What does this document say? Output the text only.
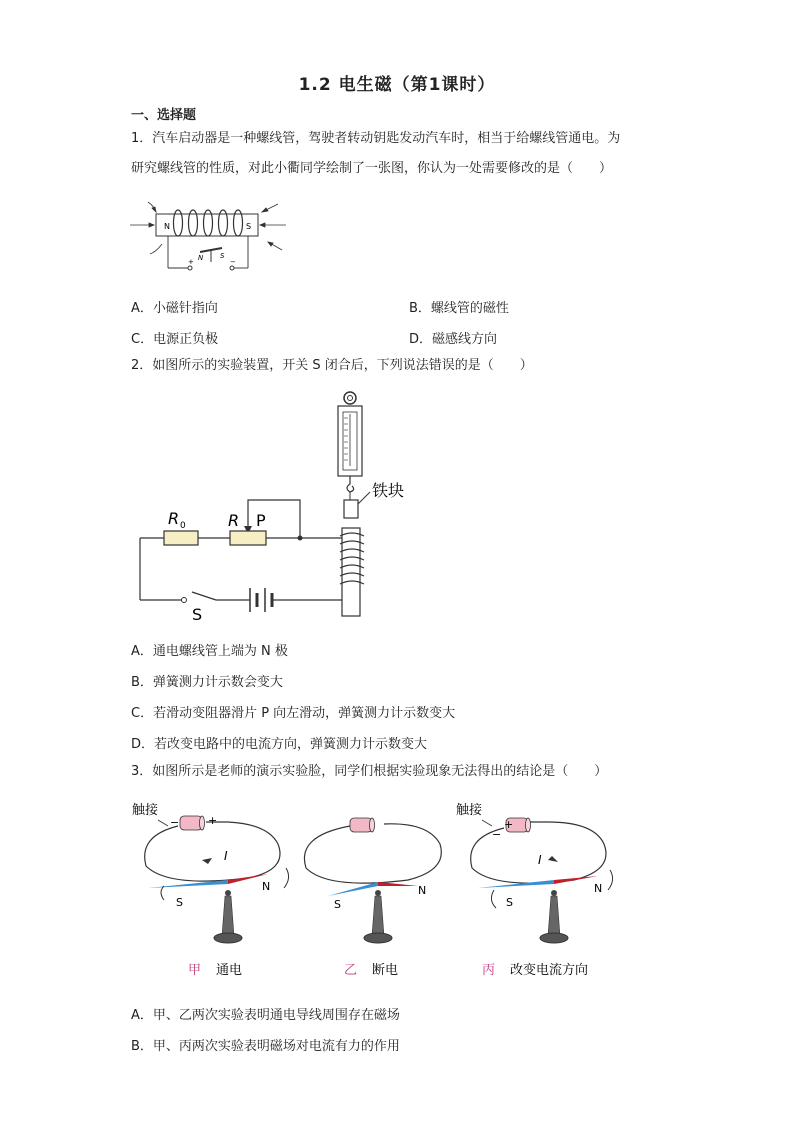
1.2 电生磁（第1课时）
一、选择题
1．汽车启动器是一种螺线管，驾驶者转动钥匙发动汽车时，相当于给螺线管通电。为
研究螺线管的性质，对此小衢同学绘制了一张图，你认为一处需要修改的是（　　）
N	S
+	−
N S
A．小磁针指向	B．螺线管的磁性
C．电源正负极	D．磁感线方向
2．如图所示的实验装置，开关 S 闭合后，下列说法错误的是（　　）
铁块
R 0	R P
S
A．通电螺线管上端为 N 极
B．弹簧测力计示数会变大
C．若滑动变阻器滑片 P 向左滑动，弹簧测力计示数变大
D．若改变电路中的电流方向，弹簧测力计示数变大
3．如图所示是老师的演示实验脸，同学们根据实验现象无法得出的结论是（　　）
触接
−	+
I
S
N
甲 通电
S
N
乙 断电
触接
−
+
I
S
N
丙 改变电流方向
A．甲、乙两次实验表明通电导线周围存在磁场
B．甲、丙两次实验表明磁场对电流有力的作用
